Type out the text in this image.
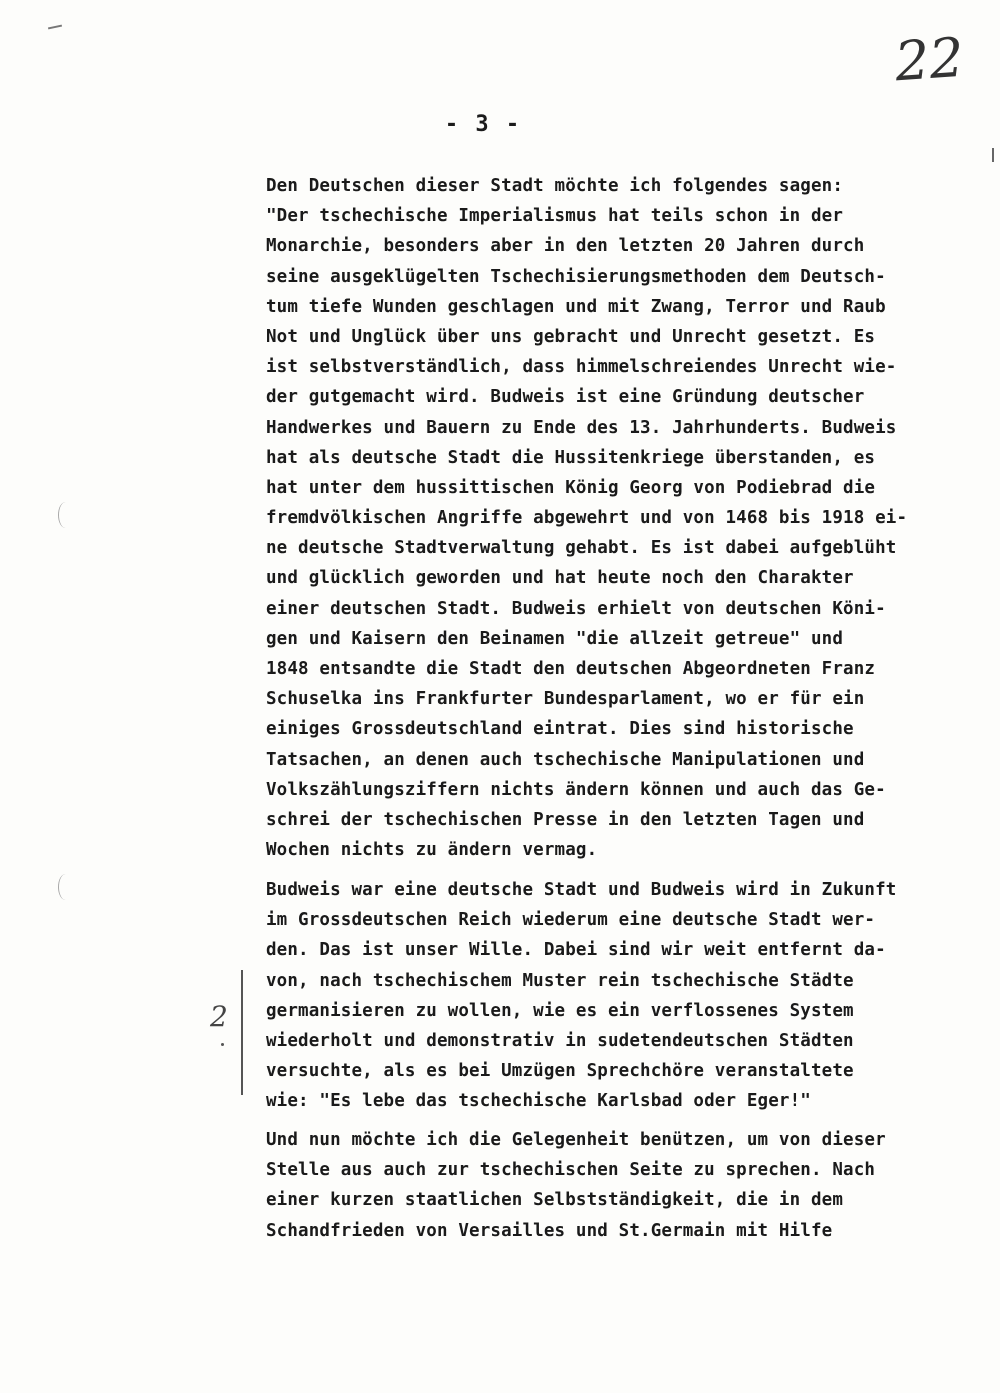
22
- 3 -
Den Deutschen dieser Stadt möchte ich folgendes sagen:
"Der tschechische Imperialismus hat teils schon in der
Monarchie, besonders aber in den letzten 20 Jahren durch
seine ausgeklügelten Tschechisierungsmethoden dem Deutsch-
tum tiefe Wunden geschlagen und mit Zwang, Terror und Raub
Not und Unglück über uns gebracht und Unrecht gesetzt. Es
ist selbstverständlich, dass himmelschreiendes Unrecht wie-
der gutgemacht wird. Budweis ist eine Gründung deutscher
Handwerkes und Bauern zu Ende des 13. Jahrhunderts. Budweis
hat als deutsche Stadt die Hussitenkriege überstanden, es
hat unter dem hussittischen König Georg von Podiebrad die
fremdvölkischen Angriffe abgewehrt und von 1468 bis 1918 ei-
ne deutsche Stadtverwaltung gehabt. Es ist dabei aufgeblüht
und glücklich geworden und hat heute noch den Charakter
einer deutschen Stadt. Budweis erhielt von deutschen Köni-
gen und Kaisern den Beinamen "die allzeit getreue" und
1848 entsandte die Stadt den deutschen Abgeordneten Franz
Schuselka ins Frankfurter Bundesparlament, wo er für ein
einiges Grossdeutschland eintrat. Dies sind historische
Tatsachen, an denen auch tschechische Manipulationen und
Volkszählungsziffern nichts ändern können und auch das Ge-
schrei der tschechischen Presse in den letzten Tagen und
Wochen nichts zu ändern vermag.
Budweis war eine deutsche Stadt und Budweis wird in Zukunft
im Grossdeutschen Reich wiederum eine deutsche Stadt wer-
den. Das ist unser Wille. Dabei sind wir weit entfernt da-
von, nach tschechischem Muster rein tschechische Städte
germanisieren zu wollen, wie es ein verflossenes System
wiederholt und demonstrativ in sudetendeutschen Städten
versuchte, als es bei Umzügen Sprechchöre veranstaltete
wie: "Es lebe das tschechische Karlsbad oder Eger!"
Und nun möchte ich die Gelegenheit benützen, um von dieser
Stelle aus auch zur tschechischen Seite zu sprechen. Nach
einer kurzen staatlichen Selbstständigkeit, die in dem
Schandfrieden von Versailles und St.Germain mit Hilfe
2
